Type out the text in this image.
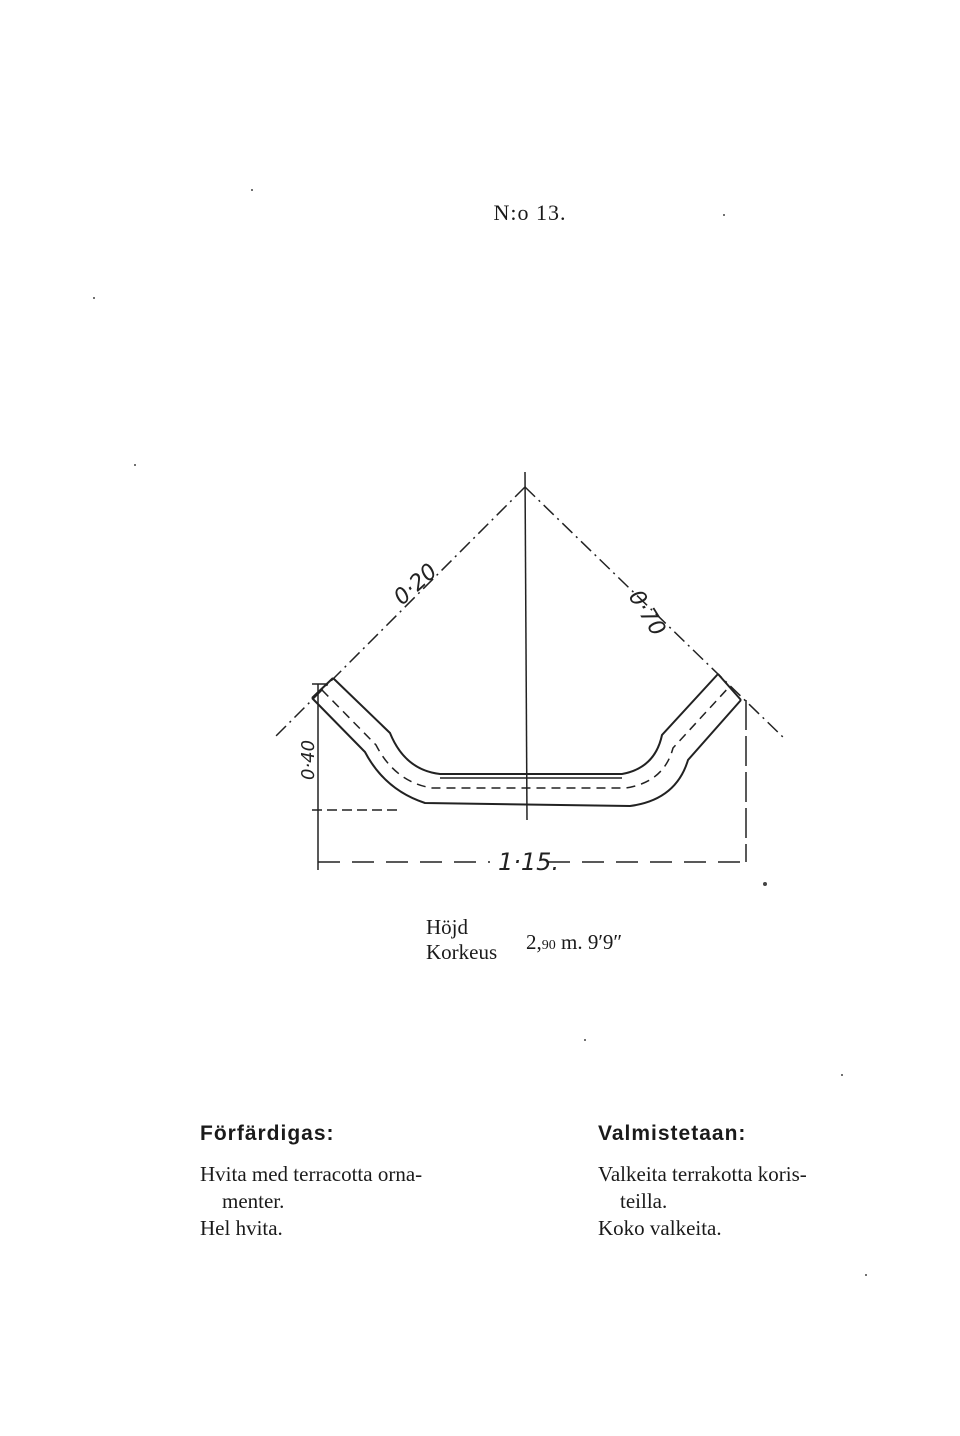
N:o 13.
0·20
0·70
0·40
1·15.
Höjd
Korkeus 2,90 m. 9′9″
Förfärdigas:

Hvita med terracotta orna-

menter.

Hel hvita.

Valmistetaan:

Valkeita terrakotta koris-

teilla.

Koko valkeita.
